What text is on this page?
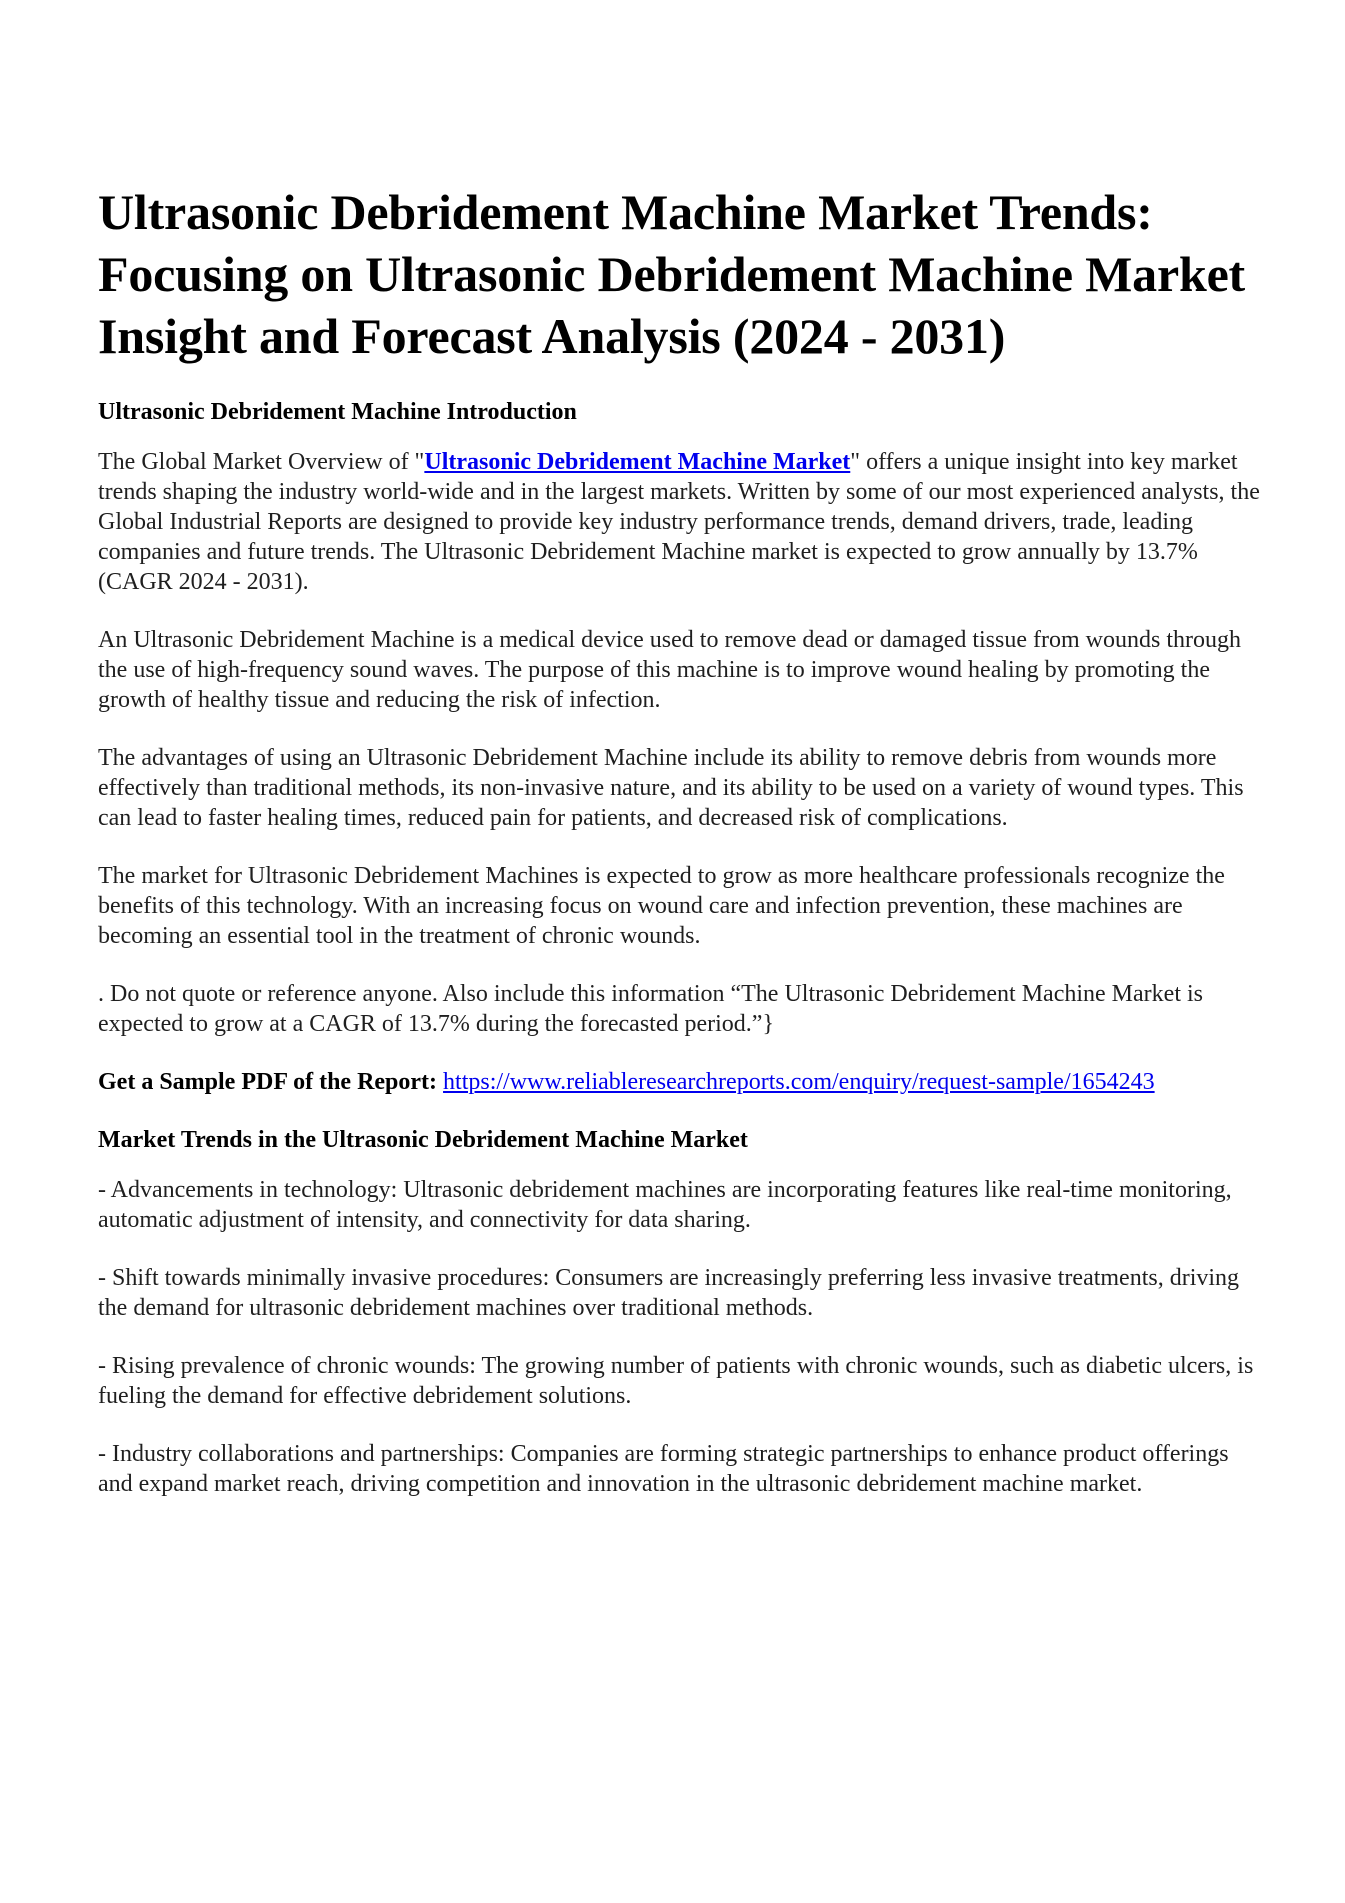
Ultrasonic Debridement Machine Market Trends: Focusing on Ultrasonic Debridement Machine Market Insight and Forecast Analysis (2024 - 2031)
Ultrasonic Debridement Machine Introduction

The Global Market Overview of "Ultrasonic Debridement Machine Market" offers a unique insight into key market trends shaping the industry world-wide and in the largest markets. Written by some of our most experienced analysts, the Global Industrial Reports are designed to provide key industry performance trends, demand drivers, trade, leading companies and future trends. The Ultrasonic Debridement Machine market is expected to grow annually by 13.7% (CAGR 2024 - 2031).

An Ultrasonic Debridement Machine is a medical device used to remove dead or damaged tissue from wounds through the use of high-frequency sound waves. The purpose of this machine is to improve wound healing by promoting the growth of healthy tissue and reducing the risk of infection.

The advantages of using an Ultrasonic Debridement Machine include its ability to remove debris from wounds more effectively than traditional methods, its non-invasive nature, and its ability to be used on a variety of wound types. This can lead to faster healing times, reduced pain for patients, and decreased risk of complications.

The market for Ultrasonic Debridement Machines is expected to grow as more healthcare professionals recognize the benefits of this technology. With an increasing focus on wound care and infection prevention, these machines are becoming an essential tool in the treatment of chronic wounds.

. Do not quote or reference anyone. Also include this information “The Ultrasonic Debridement Machine Market is expected to grow at a CAGR of 13.7% during the forecasted period.”}

Get a Sample PDF of the Report: https://www.reliableresearchreports.com/enquiry/request-sample/1654243

Market Trends in the Ultrasonic Debridement Machine Market

- Advancements in technology: Ultrasonic debridement machines are incorporating features like real-time monitoring, automatic adjustment of intensity, and connectivity for data sharing.

- Shift towards minimally invasive procedures: Consumers are increasingly preferring less invasive treatments, driving the demand for ultrasonic debridement machines over traditional methods.

- Rising prevalence of chronic wounds: The growing number of patients with chronic wounds, such as diabetic ulcers, is fueling the demand for effective debridement solutions.

- Industry collaborations and partnerships: Companies are forming strategic partnerships to enhance product offerings and expand market reach, driving competition and innovation in the ultrasonic debridement machine market.
